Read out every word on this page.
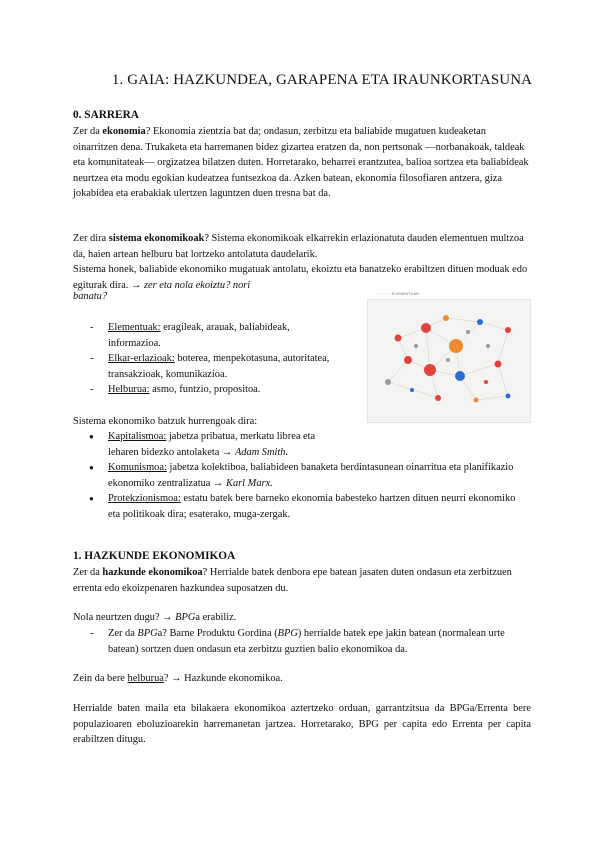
1. GAIA: HAZKUNDEA, GARAPENA ETA IRAUNKORTASUNA
0. SARRERA

Zer da ekonomia? Ekonomia zientzia bat da; ondasun, zerbitzu eta baliabide mugatuen kudeaketan oinarritzen dena. Trukaketa eta harremanen bidez gizartea eratzen da, non pertsonak —norbanakoak, taldeak eta komunitateak— orgizatzea bilatzen duten. Horretarako, beharrei erantzutea, balioa sortzea eta baliabideak neurtzea eta modu egokian kudeatzea funtsezkoa da. Azken batean, ekonomia filosofiaren antzera, giza jokabidea eta erabakiak ulertzen laguntzen duen tresna bat da.

Zer dira sistema ekonomikoak? Sistema ekonomikoak elkarrekin erlazionatuta dauden elementuen multzoa da, haien artean helburu bat lortzeko antolatuta daudelarik.

Sistema honek, baliabide ekonomiko mugatuak antolatu, ekoiztu eta banatzeko erabiltzen dituen moduak edo egiturak dira. → zer eta nola ekoiztu? nori

banatu?	· · · · · · ELEMENTUAK · · ·
- Elementuak: eragileak, arauak, baliabideak, informazioa.
- Elkar-erlazioak: boterea, menpekotasuna, autoritatea, transakzioak, komunikazioa.
- Helburua: asmo, funtzio, propositoa.

Sistema ekonomiko batzuk hurrengoak dira:

● Kapitalismoa: jabetza pribatua, merkatu librea eta leharen bidezko antolaketa → Adam Smith.
● Komunismoa: jabetza kolektiboa, baliabideen banaketa berdintasunean oinarritua eta planifikazio ekonomiko zentralizatua → Karl Marx.
● Protekzionismoa: estatu batek bere barneko ekonomia babesteko hartzen dituen neurri ekonomiko eta politikoak dira; esaterako, muga-zergak.
1. HAZKUNDE EKONOMIKOA

Zer da hazkunde ekonomikoa? Herrialde batek denbora epe batean jasaten duten ondasun eta zerbitzuen errenta edo ekoizpenaren hazkundea suposatzen du.

Nola neurtzen dugu? → BPGa erabiliz.

- Zer da BPGa? Barne Produktu Gordina (BPG) herrialde batek epe jakin batean (normalean urte batean) sortzen duen ondasun eta zerbitzu guztien balio ekonomikoa da.

Zein da bere helburua? → Hazkunde ekonomikoa.

Herrialde baten maila eta bilakaera ekonomikoa aztertzeko orduan, garrantzitsua da BPGa/Errenta bere populazioaren eboluzioarekin harremanetan jartzea. Horretarako, BPG per capita edo Errenta per capita erabiltzen ditugu.
